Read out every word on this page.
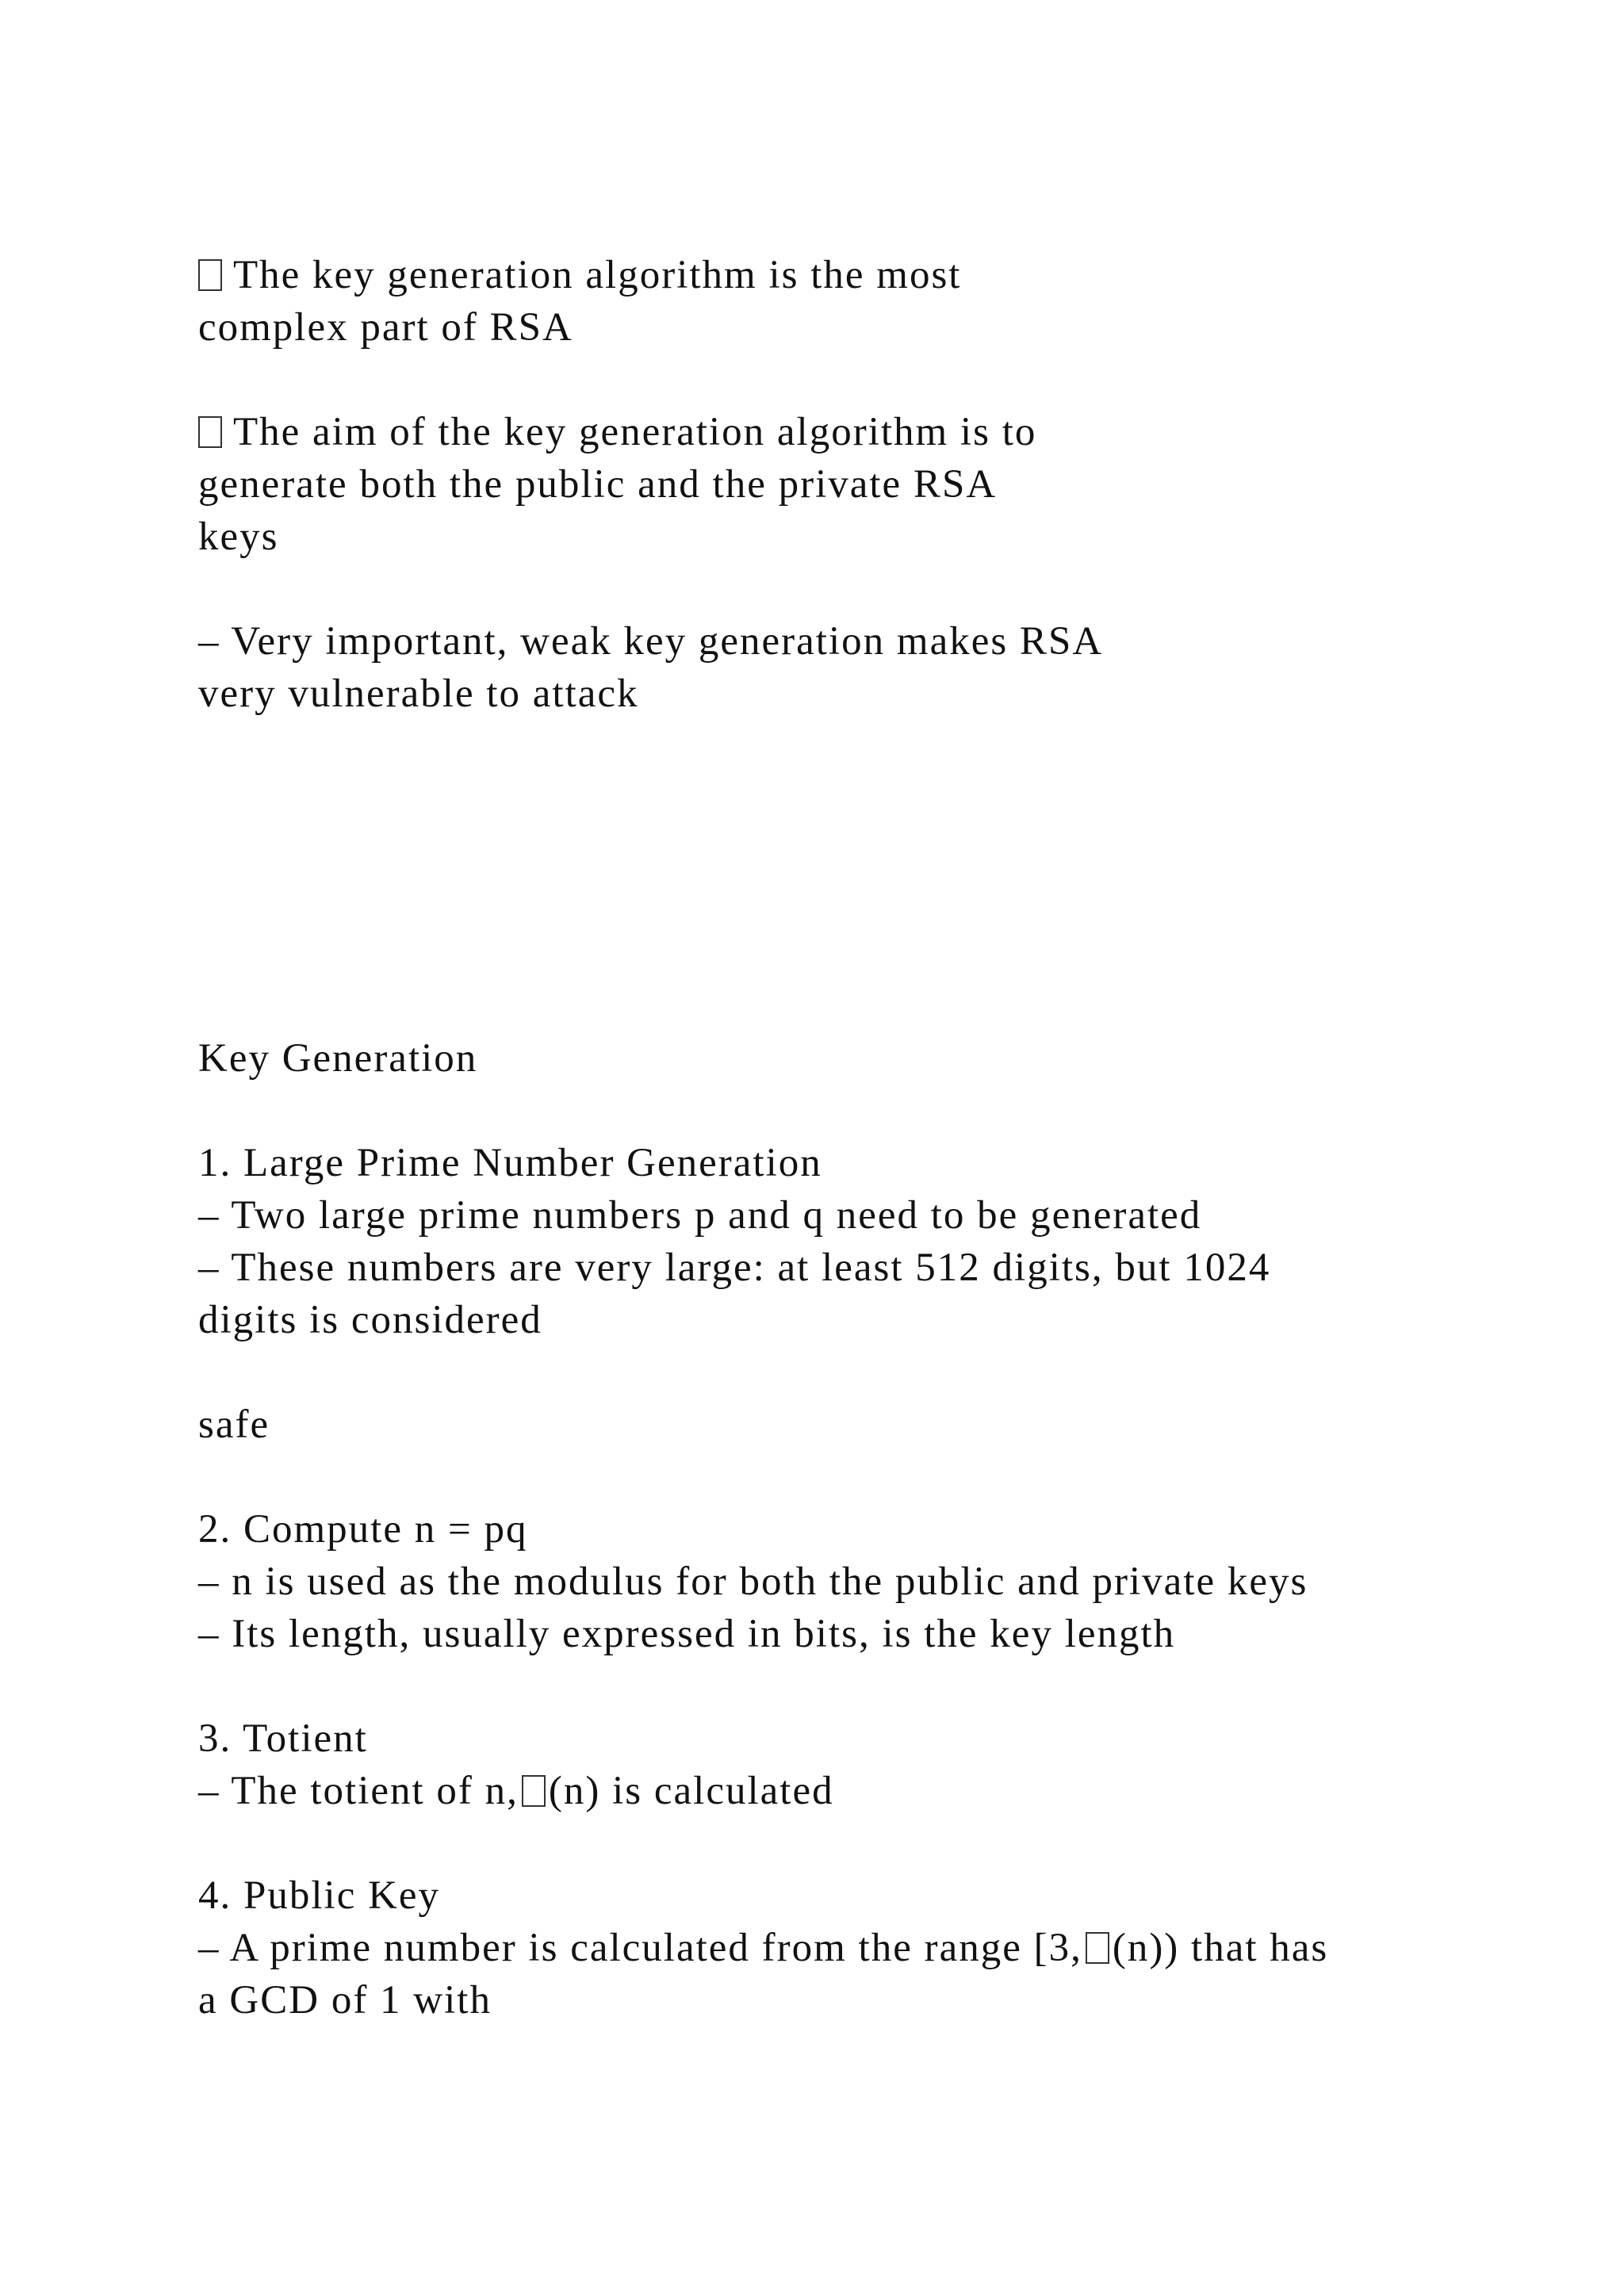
The key generation algorithm is the most
complex part of RSA
The aim of the key generation algorithm is to
generate both the public and the private RSA
keys
– Very important, weak key generation makes RSA
very vulnerable to attack
Key Generation
1. Large Prime Number Generation
– Two large prime numbers p and q need to be generated
– These numbers are very large: at least 512 digits, but 1024
digits is considered
safe
2. Compute n = pq
– n is used as the modulus for both the public and private keys
– Its length, usually expressed in bits, is the key length
3. Totient
– The totient of n, (n) is calculated
4. Public Key
– A prime number is calculated from the range [3, (n)) that has
a GCD of 1 with
